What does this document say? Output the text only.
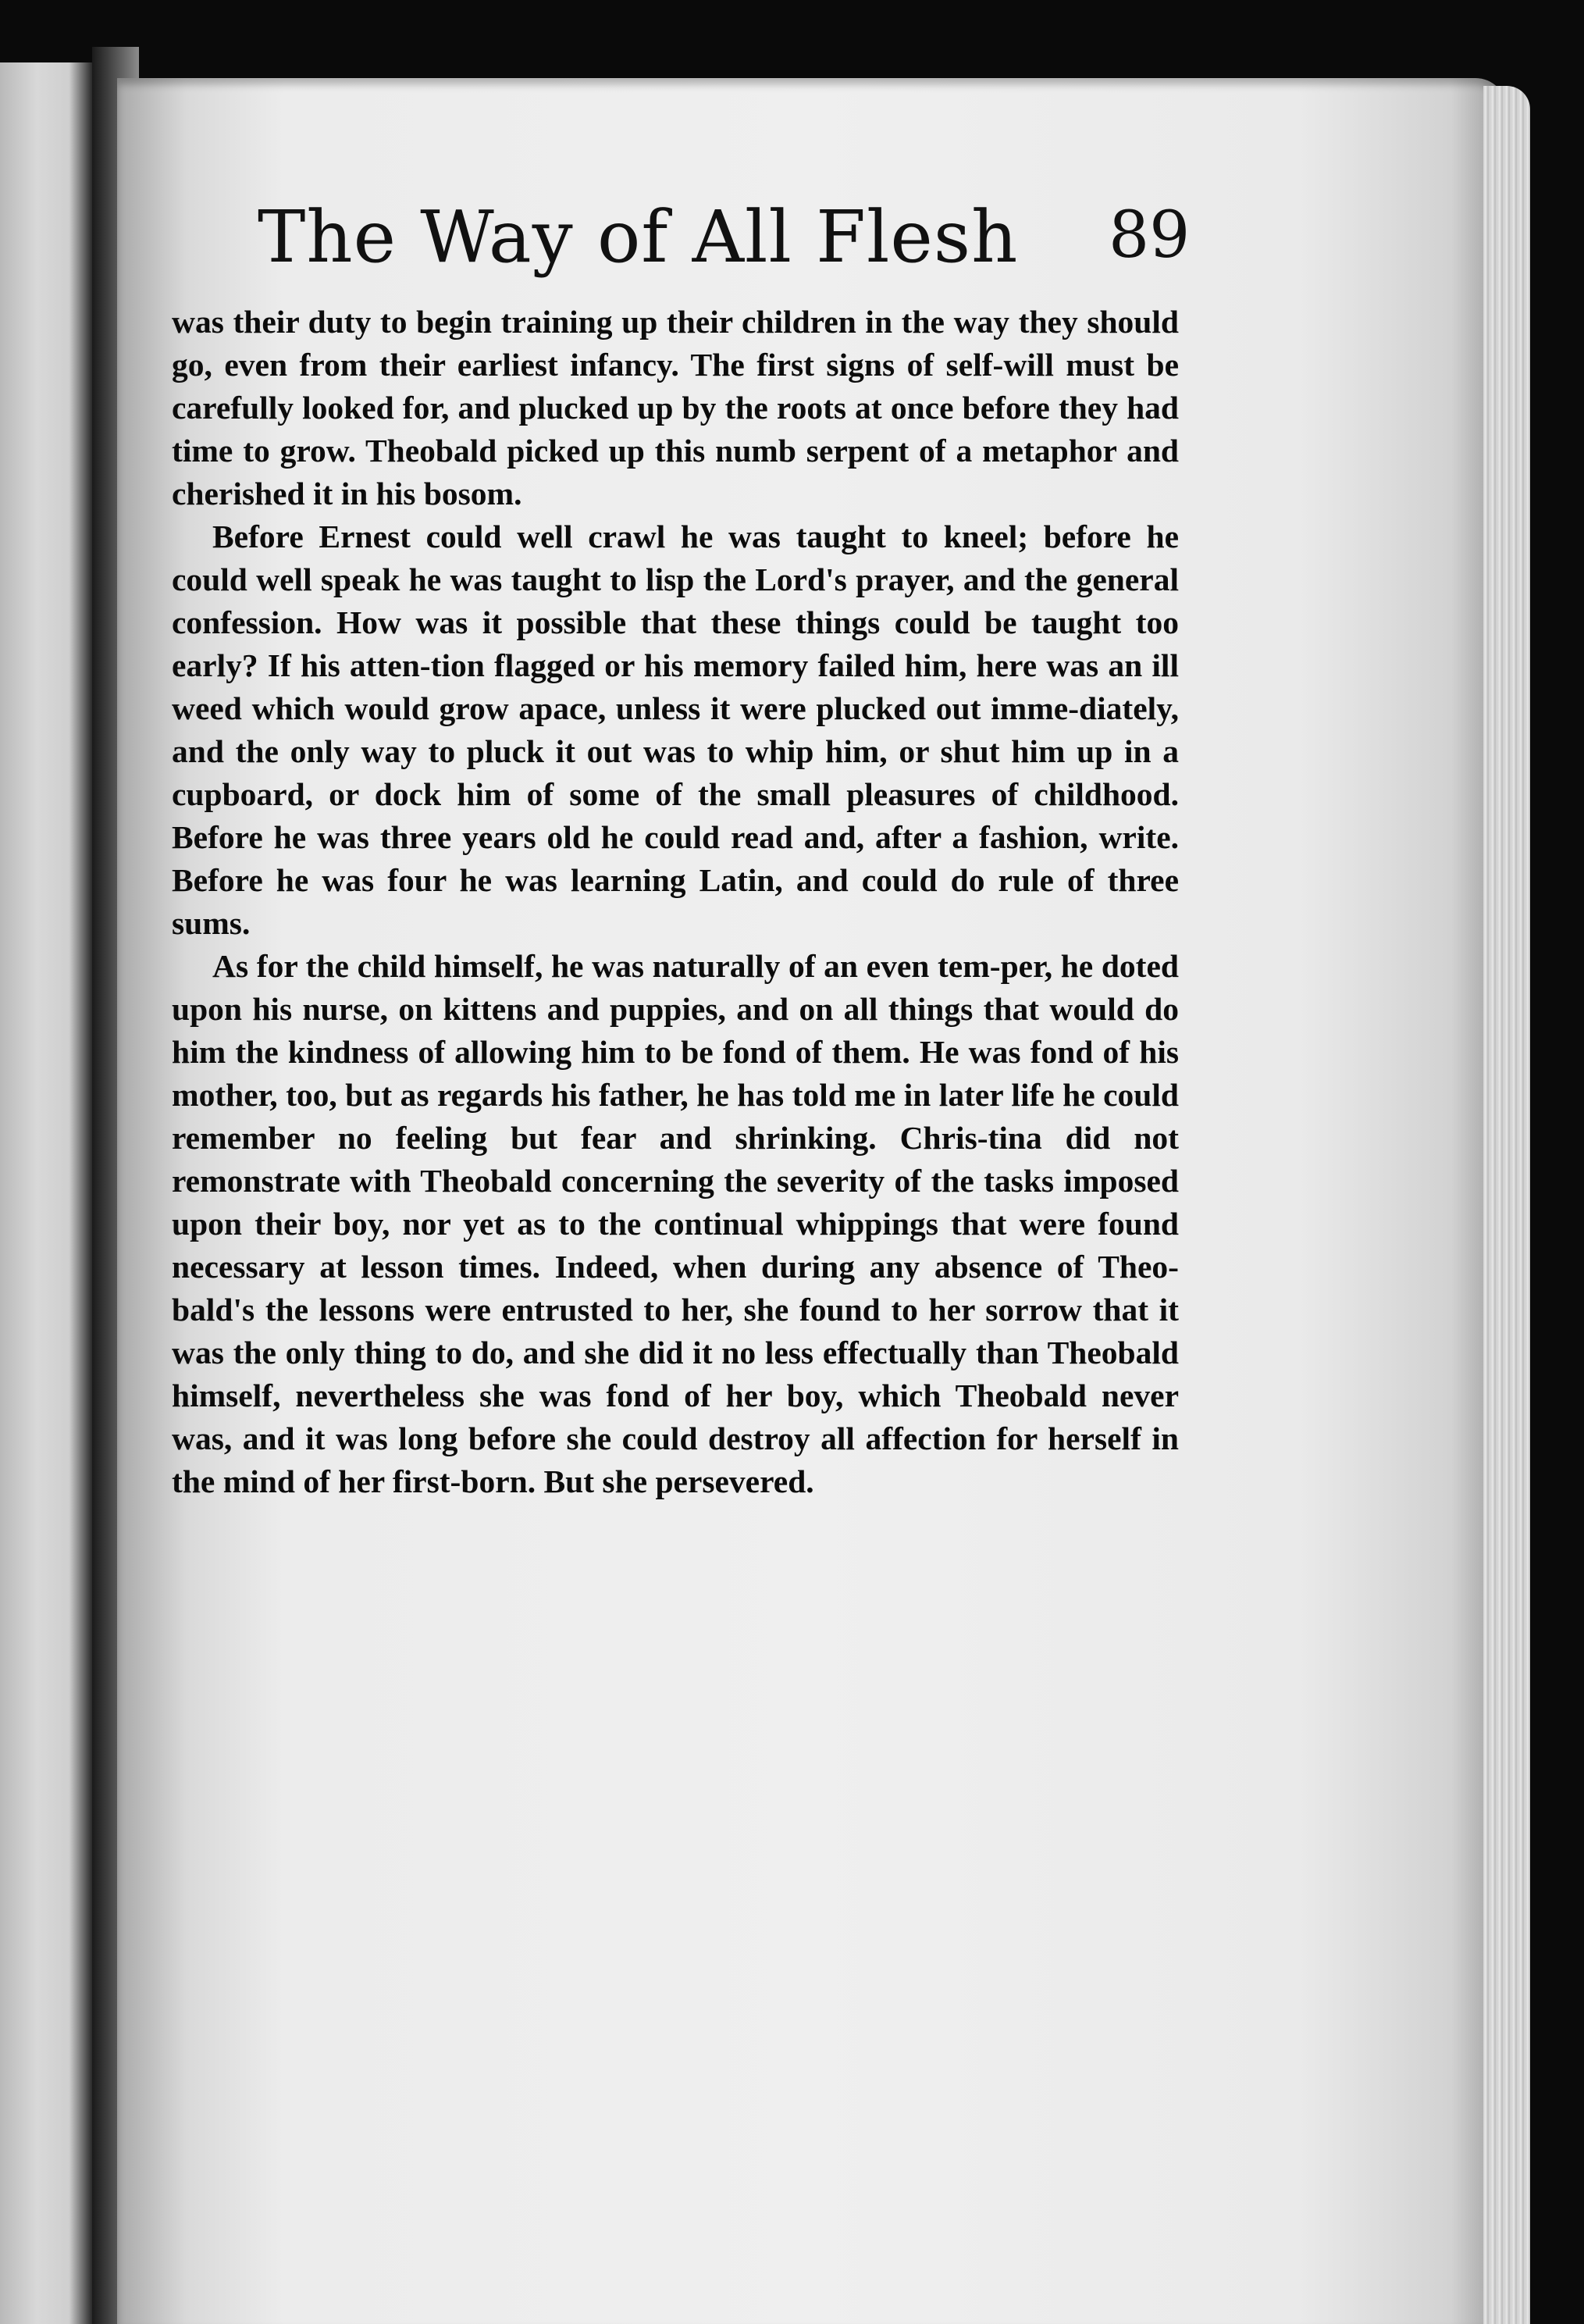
The Way of All Flesh 89

was their duty to begin training up their children in the way they should go, even from their earliest infancy. The first signs of self-will must be carefully looked for, and plucked up by the roots at once before they had time to grow. Theobald picked up this numb serpent of a metaphor and cherished it in his bosom.

Before Ernest could well crawl he was taught to kneel; before he could well speak he was taught to lisp the Lord's prayer, and the general confession. How was it possible that these things could be taught too early? If his atten-tion flagged or his memory failed him, here was an ill weed which would grow apace, unless it were plucked out imme-diately, and the only way to pluck it out was to whip him, or shut him up in a cupboard, or dock him of some of the small pleasures of childhood. Before he was three years old he could read and, after a fashion, write. Before he was four he was learning Latin, and could do rule of three sums.

As for the child himself, he was naturally of an even tem-per, he doted upon his nurse, on kittens and puppies, and on all things that would do him the kindness of allowing him to be fond of them. He was fond of his mother, too, but as regards his father, he has told me in later life he could remember no feeling but fear and shrinking. Chris-tina did not remonstrate with Theobald concerning the severity of the tasks imposed upon their boy, nor yet as to the continual whippings that were found necessary at lesson times. Indeed, when during any absence of Theo-bald's the lessons were entrusted to her, she found to her sorrow that it was the only thing to do, and she did it no less effectually than Theobald himself, nevertheless she was fond of her boy, which Theobald never was, and it was long before she could destroy all affection for herself in the mind of her first-born. But she persevered.
